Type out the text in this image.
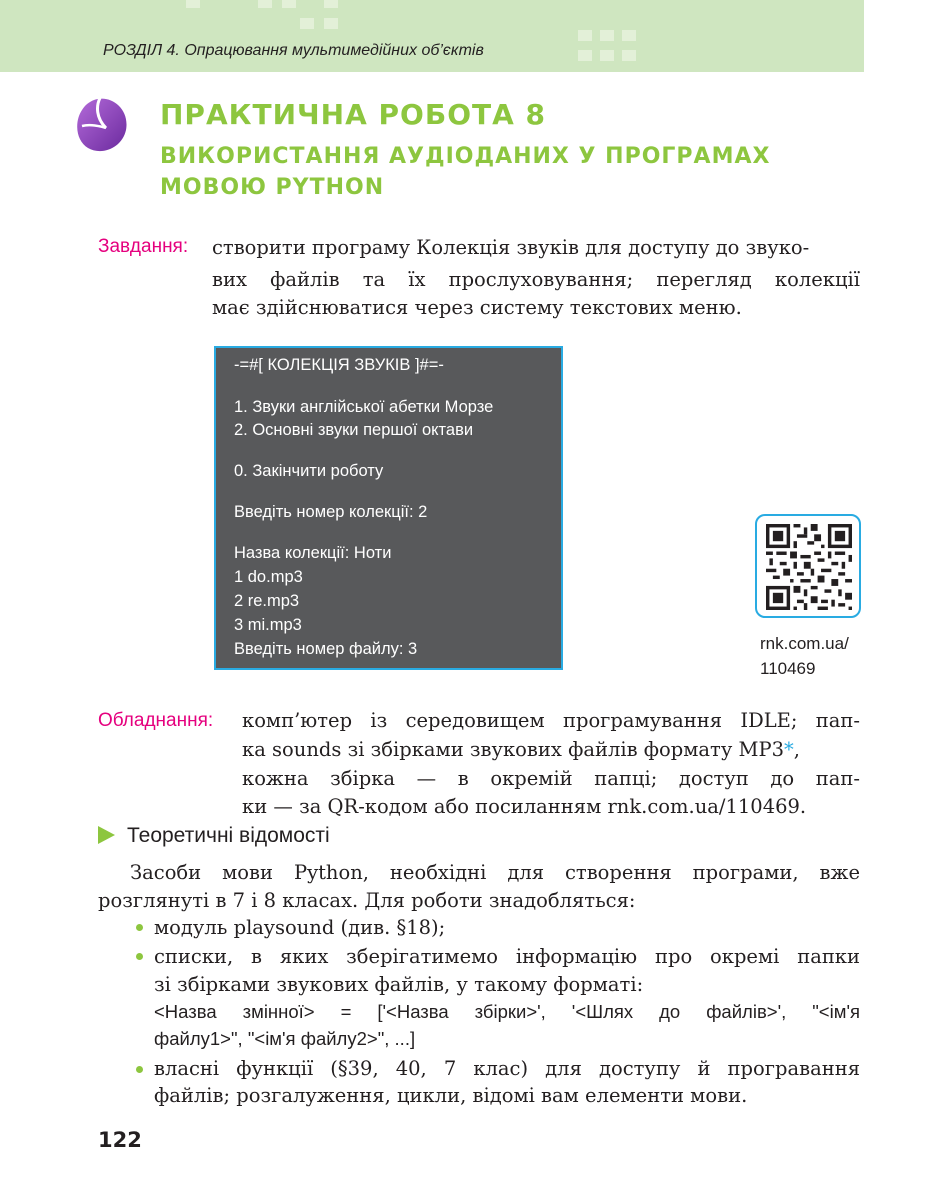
РОЗДІЛ 4. Опрацювання мультимедійних об’єктів
ПРАКТИЧНА РОБОТА 8
ВИКОРИСТАННЯ АУДІОДАНИХ У ПРОГРАМАХ МОВОЮ PYTHON
Завдання: створити програму Колекція звуків для доступу до звуко-
вих файлів та їх прослуховування; перегляд колекції
має здійснюватися через систему текстових меню.
-=#[ КОЛЕКЦІЯ ЗВУКІВ ]#=-
1. Звуки англійської абетки Морзе
2. Основні звуки першої октави
0. Закінчити роботу
Введіть номер колекції: 2
Назва колекції: Ноти
1 do.mp3
2 re.mp3
3 mi.mp3
Введіть номер файлу: 3	rnk.com.ua/
110469
Обладнання: комп’ютер із середовищем програмування IDLE; пап-
ка sounds зі збірками звукових файлів формату MP3*,
кожна збірка — в окремій папці; доступ до пап-
ки — за QR-кодом або посиланням rnk.com.ua/110469.
Теоретичні відомості
Засоби мови Python, необхідні для створення програми, вже
розглянуті в 7 і 8 класах. Для роботи знадобляться:
модуль playsound (див. §18);
списки, в яких зберігатимемо інформацію про окремі папки
зі збірками звукових файлів, у такому форматі:
<Назва змінної> = ['<Назва збірки>', '<Шлях до файлів>', "<ім'я
файлу1>", "<ім'я файлу2>", ...]
власні функції (§39, 40, 7 клас) для доступу й програвання
файлів; розгалуження, цикли, відомі вам елементи мови.
122
